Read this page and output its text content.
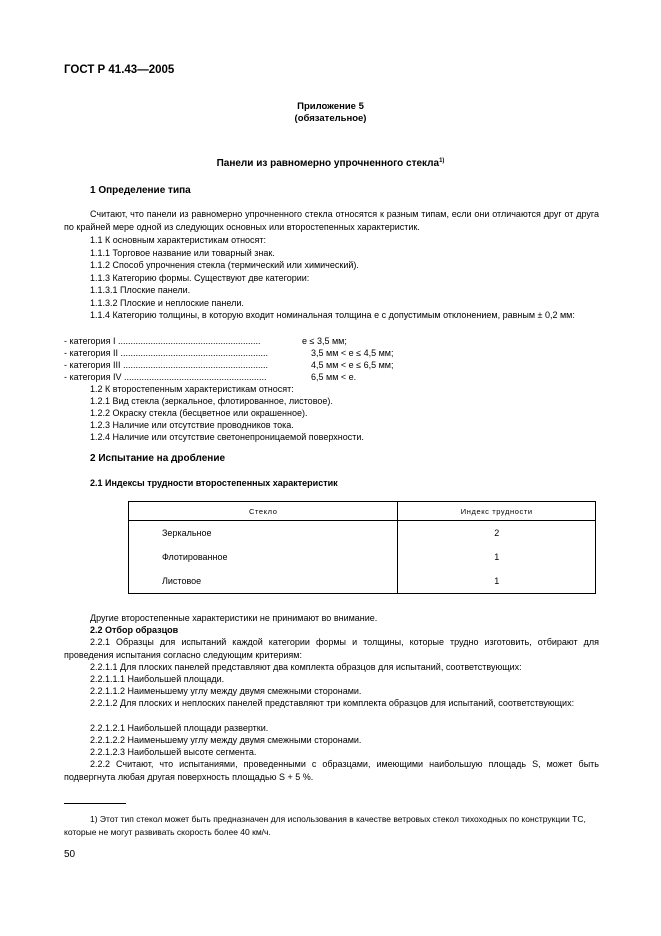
ГОСТ Р 41.43—2005
Приложение 5
(обязательное)
Панели из равномерно упрочненного стекла$^{1)}$
1 Определение типа
Считают, что панели из равномерно упрочненного стекла относятся к разным типам, если они отличаются друг от друга по крайней мере одной из следующих основных или второстепенных характеристик.
1.1 К основным характеристикам относят:
1.1.1 Торговое название или товарный знак.
1.1.2 Способ упрочнения стекла (термический или химический).
1.1.3 Категорию формы. Существуют две категории:
1.1.3.1 Плоские панели.
1.1.3.2 Плоские и неплоские панели.
1.1.4 Категорию толщины, в которую входит номинальная толщина e с допустимым отклонением, равным ± 0,2 мм:
- категория I .........................................................	e ≤ 3,5 мм;
- категория II ...........................................................	3,5 мм < e ≤ 4,5 мм;
- категория III ..........................................................	4,5 мм < e ≤ 6,5 мм;
- категория IV .........................................................	6,5 мм < e.
1.2 К второстепенным характеристикам относят:
1.2.1 Вид стекла (зеркальное, флотированное, листовое).
1.2.2 Окраску стекла (бесцветное или окрашенное).
1.2.3 Наличие или отсутствие проводников тока.
1.2.4 Наличие или отсутствие светонепроницаемой поверхности.
2 Испытание на дробление
2.1 Индексы трудности второстепенных характеристик
Стекло	Индекс трудности
Зеркальное	2
Флотированное	1
Листовое	1
Другие второстепенные характеристики не принимают во внимание.
2.2 Отбор образцов
2.2.1 Образцы для испытаний каждой категории формы и толщины, которые трудно изготовить, отбирают для проведения испытания согласно следующим критериям:
2.2.1.1 Для плоских панелей представляют два комплекта образцов для испытаний, соответствующих:
2.2.1.1.1 Наибольшей площади.
2.2.1.1.2 Наименьшему углу между двумя смежными сторонами.
2.2.1.2 Для плоских и неплоских панелей представляют три комплекта образцов для испытаний, соответствующих:
2.2.1.2.1 Наибольшей площади развертки.
2.2.1.2.2 Наименьшему углу между двумя смежными сторонами.
2.2.1.2.3 Наибольшей высоте сегмента.
2.2.2 Считают, что испытаниями, проведенными с образцами, имеющими наибольшую площадь S, может быть подвергнута любая другая поверхность площадью S + 5 %.
1) Этот тип стекол может быть предназначен для использования в качестве ветровых стекол тихоходных по конструкции ТС, которые не могут развивать скорость более 40 км/ч.
50
